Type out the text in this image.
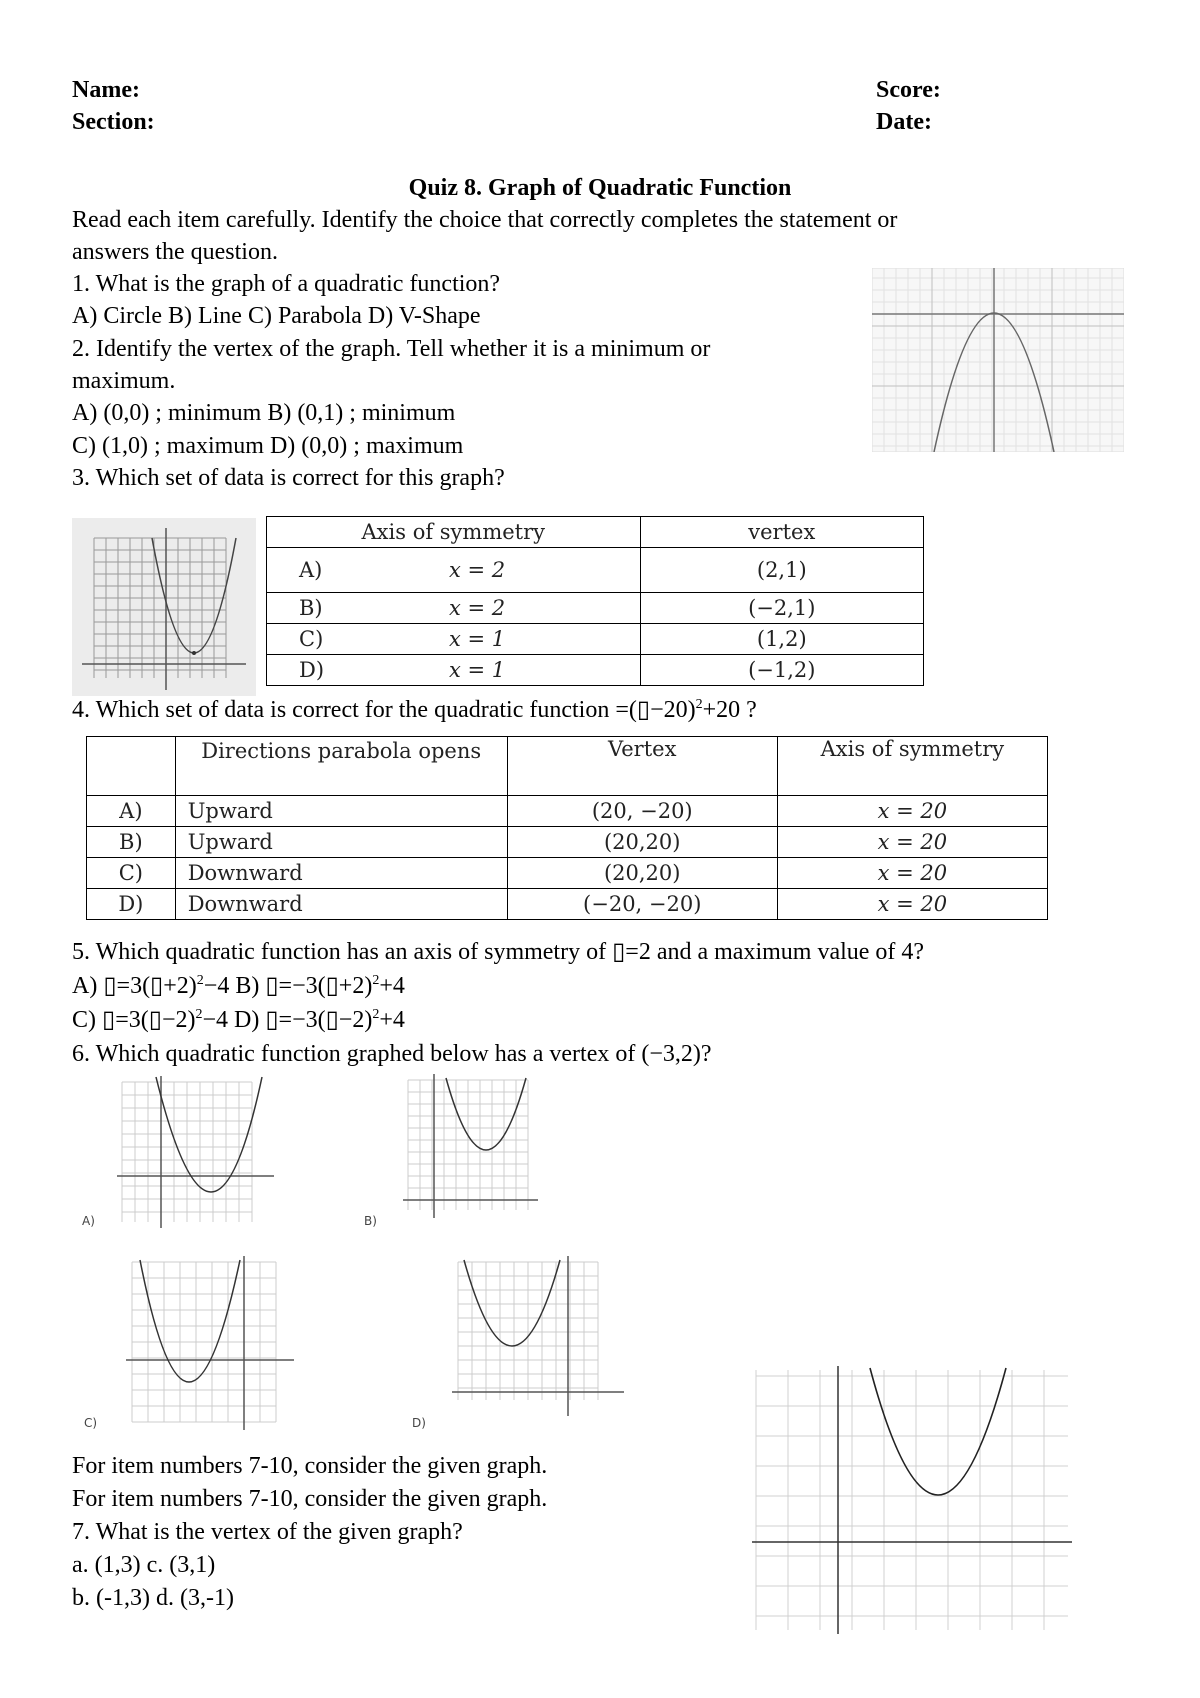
Name:
Section:
Score:
Date:
Quiz 8. Graph of Quadratic Function
Read each item carefully. Identify the choice that correctly completes the statement or
answers the question.
1. What is the graph of a quadratic function?
A) Circle B) Line C) Parabola D) V-Shape
2. Identify the vertex of the graph. Tell whether it is a minimum or
maximum.
A) (0,0) ; minimum B) (0,1) ; minimum
C) (1,0) ; maximum D) (0,0) ; maximum
3. Which set of data is correct for this graph?
Axis of symmetry	vertex
A) x = 2	(2,1)
B) x = 2	(−2,1)
C) x = 1	(1,2)
D) x = 1	(−1,2)
4. Which set of data is correct for the quadratic function =(▯−20)$^2$+20 ?
	Directions parabola opens	Vertex	Axis of symmetry
A)	Upward	(20, −20)	x = 20
B)	Upward	(20,20)	x = 20
C)	Downward	(20,20)	x = 20
D)	Downward	(−20, −20)	x = 20
5. Which quadratic function has an axis of symmetry of ▯=2 and a maximum value of 4?
A) ▯=3(▯+2)$^2$−4 B) ▯=−3(▯+2)$^2$+4
C) ▯=3(▯−2)$^2$−4 D) ▯=−3(▯−2)$^2$+4
6. Which quadratic function graphed below has a vertex of (−3,2)?
A)	B)
C)	D)
For item numbers 7-10, consider the given graph.
For item numbers 7-10, consider the given graph.
7. What is the vertex of the given graph?
a. (1,3) c. (3,1)
b. (-1,3) d. (3,-1)
